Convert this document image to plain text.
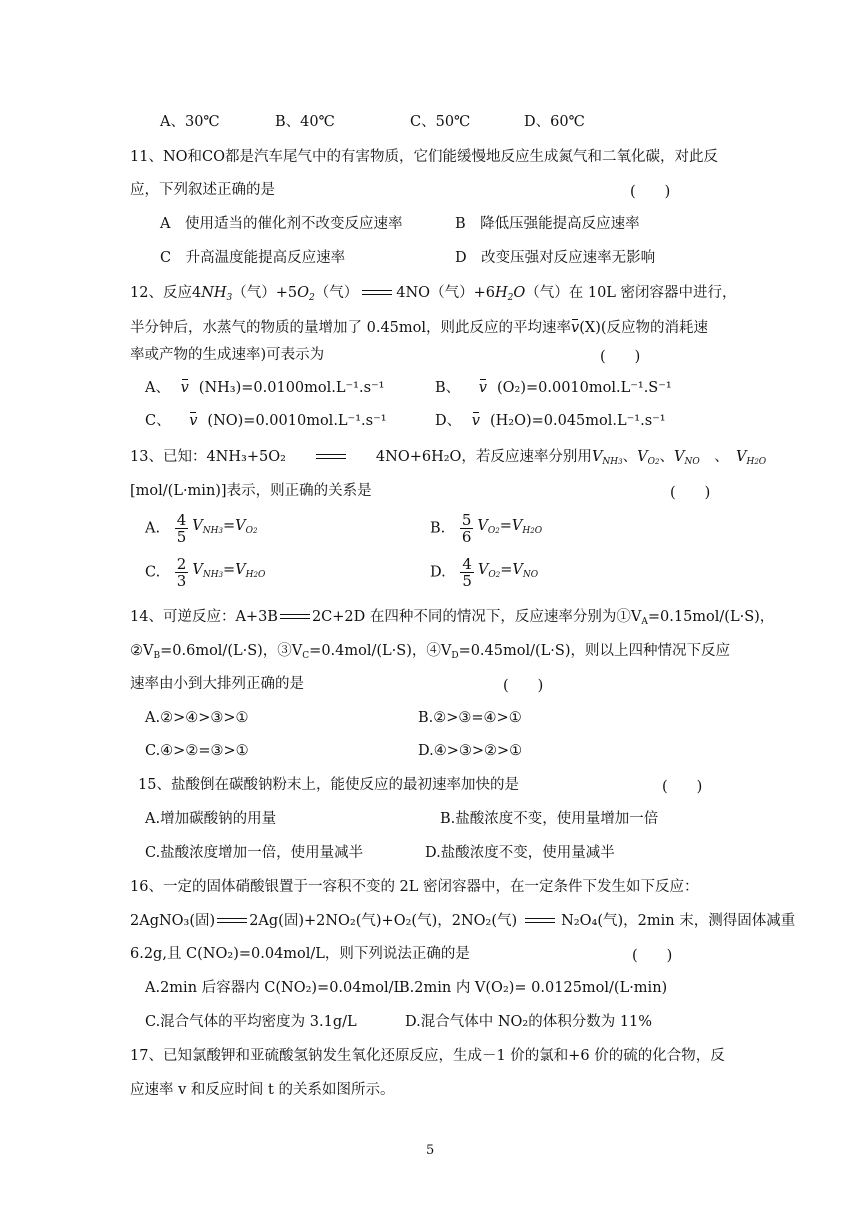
A、30℃	B、40℃	C、50℃	D、60℃
11、NO和CO都是汽车尾气中的有害物质，它们能缓慢地反应生成氮气和二氧化碳，对此反
应，下列叙述正确的是	(　　)
A　使用适当的催化剂不改变反应速率	B　降低压强能提高反应速率
C　升高温度能提高反应速率	D　改变压强对反应速率无影响
12、反应$4NH_3$（气）$+5O_2$（气）	4NO（气）$+6H_2O$（气）在 10L 密闭容器中进行，
半分钟后，水蒸气的物质的量增加了 0.45mol，则此反应的平均速率v(X)(反应物的消耗速
率或产物的生成速率)可表示为	(　　)
A、 v (NH₃)=0.0100mol.L⁻¹.s⁻¹	B、 v (O₂)=0.0010mol.L⁻¹.S⁻¹
C、 v (NO)=0.0010mol.L⁻¹.s⁻¹	D、 v (H₂O)=0.045mol.L⁻¹.s⁻¹
13、已知：4NH₃+5O₂	4NO+6H₂O，若反应速率分别用$V_{NH3}$、$V_{O2}$、$V_{NO}$　、　$V_{H2O}$
[mol/(L·min)]表示，则正确的关系是	(　　)
A. $\frac{4}{5} V_{NH3}=V_{O2}$	B. $\frac{5}{6} V_{O2}=V_{H2O}$
C. $\frac{2}{3} V_{NH3}=V_{H2O}$	D. $\frac{4}{5} V_{O2}=V_{NO}$
14、可逆反应：A+3B 2C+2D 在四种不同的情况下，反应速率分别为$①V_A=0.15mol/(L\cdot S)$，
$②V_B=0.6mol/(L\cdot S)$，$③V_C=0.4mol/(L\cdot S)$，$④V_D=0.45mol/(L\cdot S)$，则以上四种情况下反应
速率由小到大排列正确的是	(　　)
A.②>④>③>①	B.②>③=④>①
C.④>②=③>①	D.④>③>②>①
15、盐酸倒在碳酸钠粉末上，能使反应的最初速率加快的是	(　　)
A.增加碳酸钠的用量	B.盐酸浓度不变，使用量增加一倍
C.盐酸浓度增加一倍，使用量减半	D.盐酸浓度不变，使用量减半
16、一定的固体硝酸银置于一容积不变的 2L 密闭容器中，在一定条件下发生如下反应：
2AgNO₃(固) 2Ag(固)+2NO₂(气)+O₂(气)，2NO₂(气)	N₂O₄(气)，2min 末，测得固体减重
6.2g,且 C(NO₂)=0.04mol/L，则下列说法正确的是	(　　)
A.2min 后容器内 C(NO₂)=0.04mol/L
B.2min 内 V(O₂)= 0.0125mol/(L·min)
C.混合气体的平均密度为 3.1g/L	D.混合气体中 NO₂的体积分数为 11%
17、已知氯酸钾和亚硫酸氢钠发生氧化还原反应，生成－1 价的氯和+6 价的硫的化合物，反
应速率 v 和反应时间 t 的关系如图所示。
5
